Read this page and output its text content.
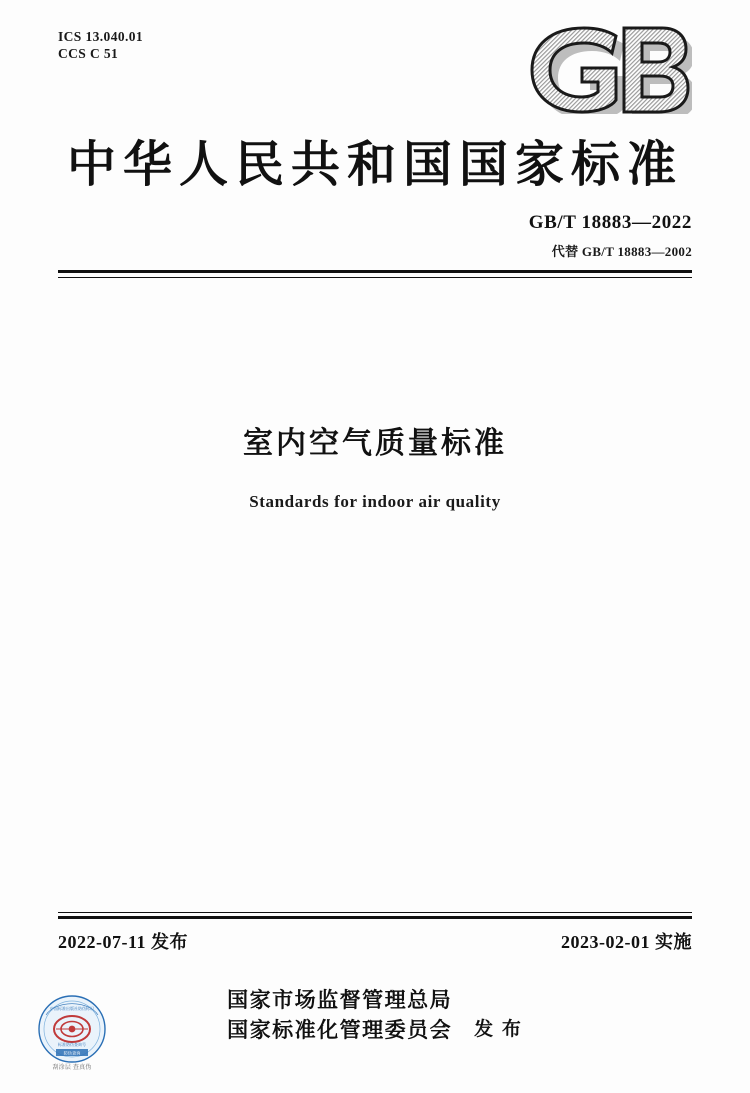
ICS 13.040.01
CCS C 51
中华人民共和国国家标准
GB/T 18883—2022
代替 GB/T 18883—2002
室内空气质量标准
Standards for indoor air quality
2022-07-11 发布	2023-02-01 实施
国家市场监督管理总局
国家标准化管理委员会 发 布
中国标准出版社防伪标识
标准防伪查询号
防伪查询
刮涂层 查真伪
